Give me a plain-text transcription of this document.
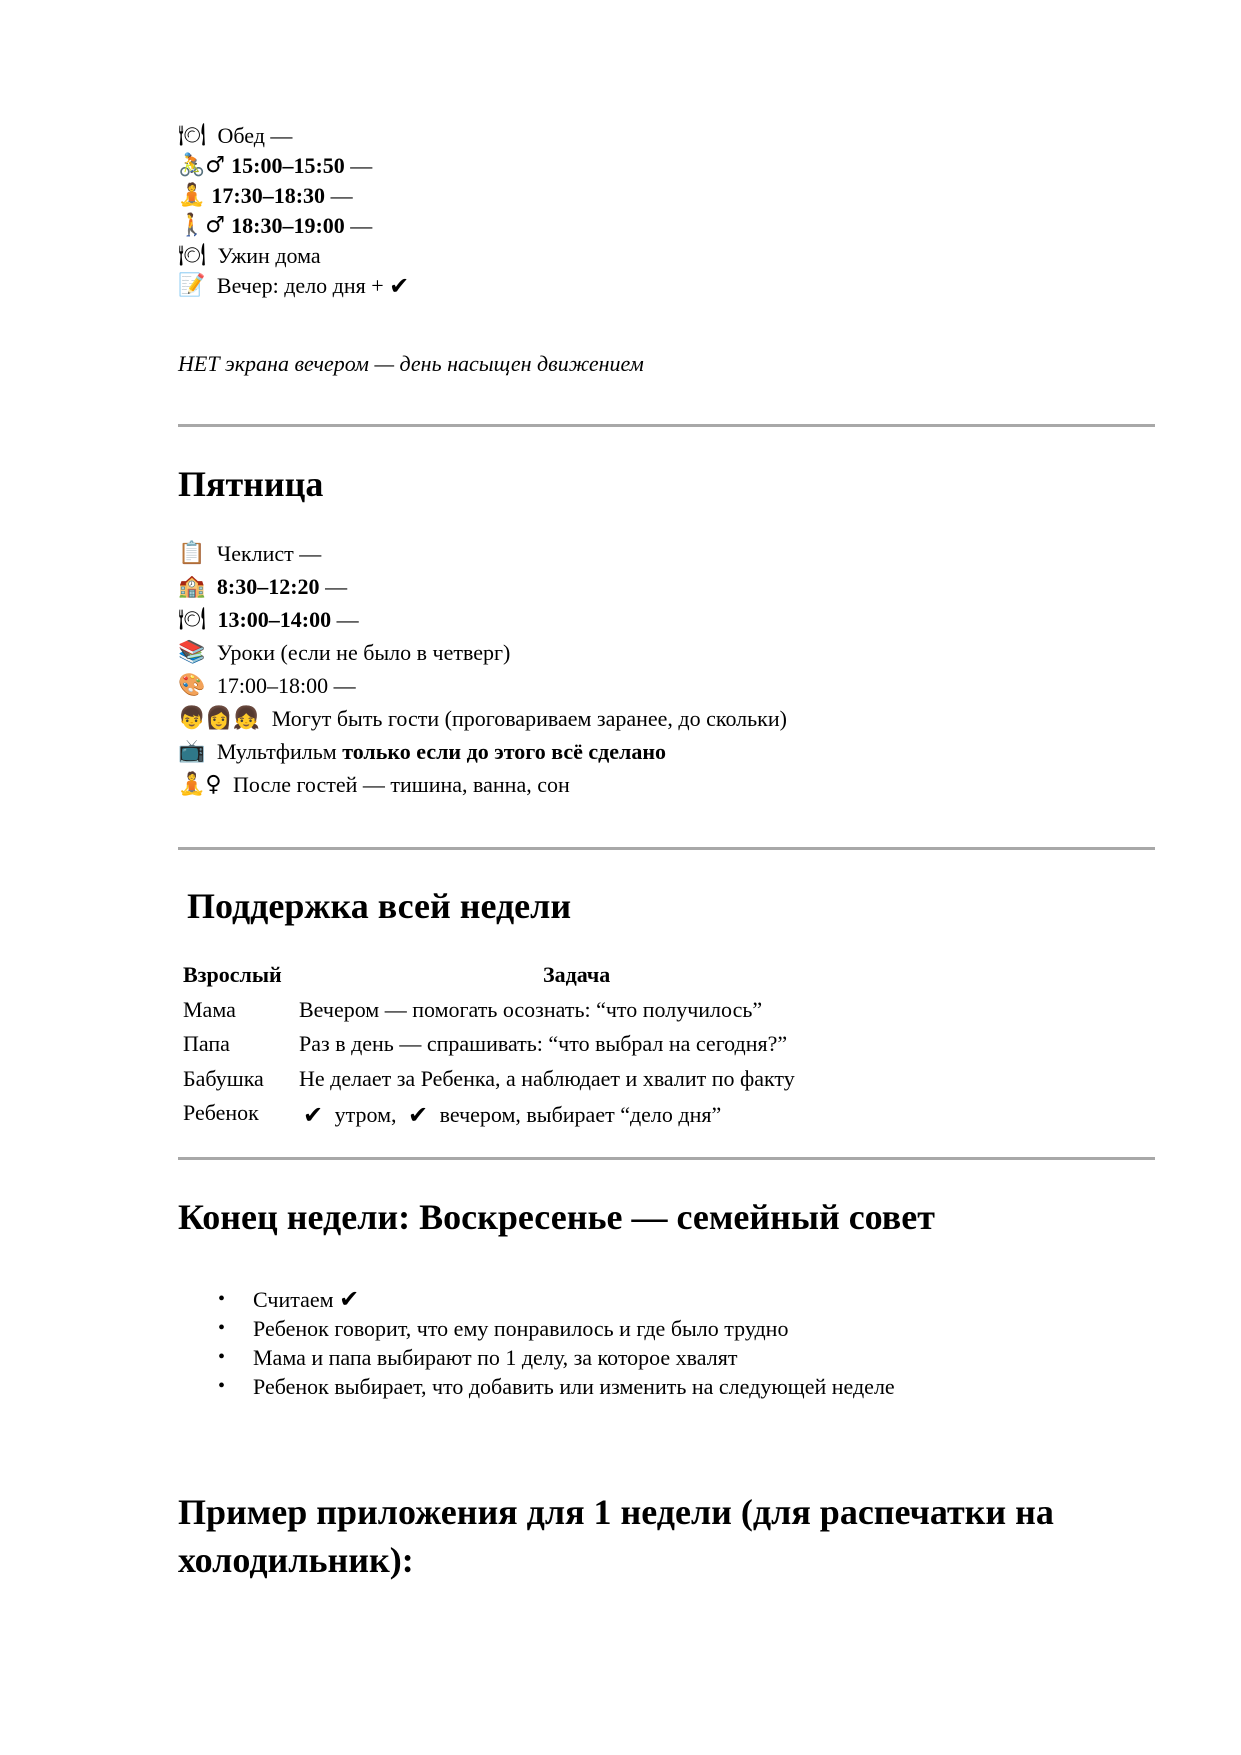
🍽 Обед —
🚴♂ 15:00–15:50 —
🧘 17:30–18:30 —
🚶♂ 18:30–19:00 —
🍽 Ужин дома
📝 Вечер: дело дня + ✔
НЕТ экрана вечером — день насыщен движением
Пятница
📋 Чеклист —
🏫
8:30–12:20 —
🍽
13:00–14:00 —
📚 Уроки (если не было в четверг)
🎨 17:00–18:00 —
👦👩👧 Могут быть гости (проговариваем заранее, до скольки)
📺 Мультфильм только если до этого всё сделано
🧘♀ После гостей — тишина, ванна, сон
Поддержка всей недели
Взрослый	Задача
Мама	Вечером — помогать осознать: “что получилось”
Папа	Раз в день — спрашивать: “что выбрал на сегодня?”
Бабушка Не делает за Ребенка, а наблюдает и хвалит по факту
Ребенок ✔ утром, ✔ вечером, выбирает “дело дня”
Конец недели: Воскресенье — семейный совет
• Считаем ✔
• Ребенок говорит, что ему понравилось и где было трудно
• Мама и папа выбирают по 1 делу, за которое хвалят
• Ребенок выбирает, что добавить или изменить на следующей неделе
Пример приложения для 1 недели (для распечатки на
холодильник):
